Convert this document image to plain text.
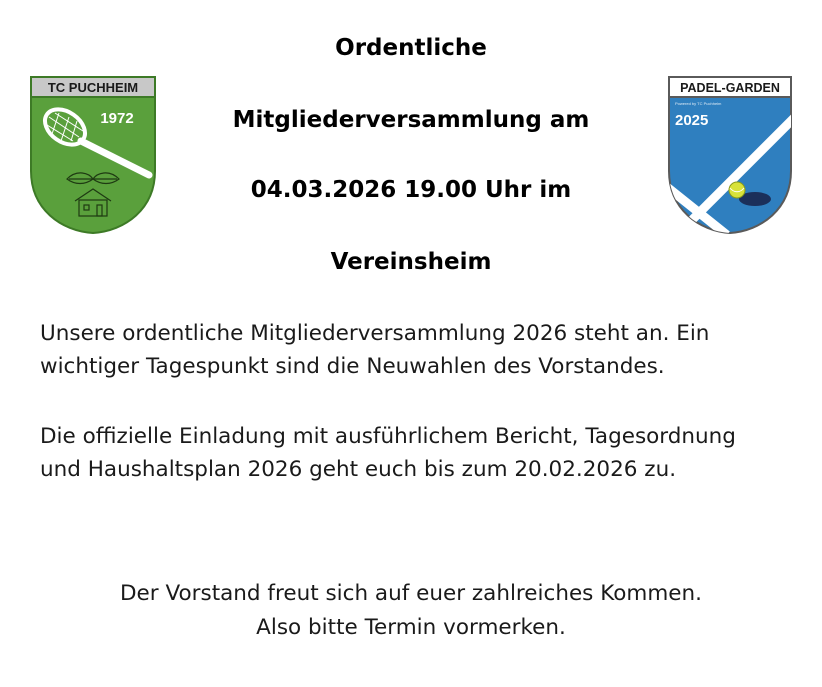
TC PUCHHEIM
1972
PADEL-GARDEN
Powered by TC Puchheim
2025
Ordentliche
Mitgliederversammlung am
04.03.2026 19.00 Uhr im
Vereinsheim
Unsere ordentliche Mitgliederversammlung 2026 steht an. Ein
wichtiger Tagespunkt sind die Neuwahlen des Vorstandes.
Die offizielle Einladung mit ausführlichem Bericht, Tagesordnung
und Haushaltsplan 2026 geht euch bis zum 20.02.2026 zu.
Der Vorstand freut sich auf euer zahlreiches Kommen.
Also bitte Termin vormerken.
